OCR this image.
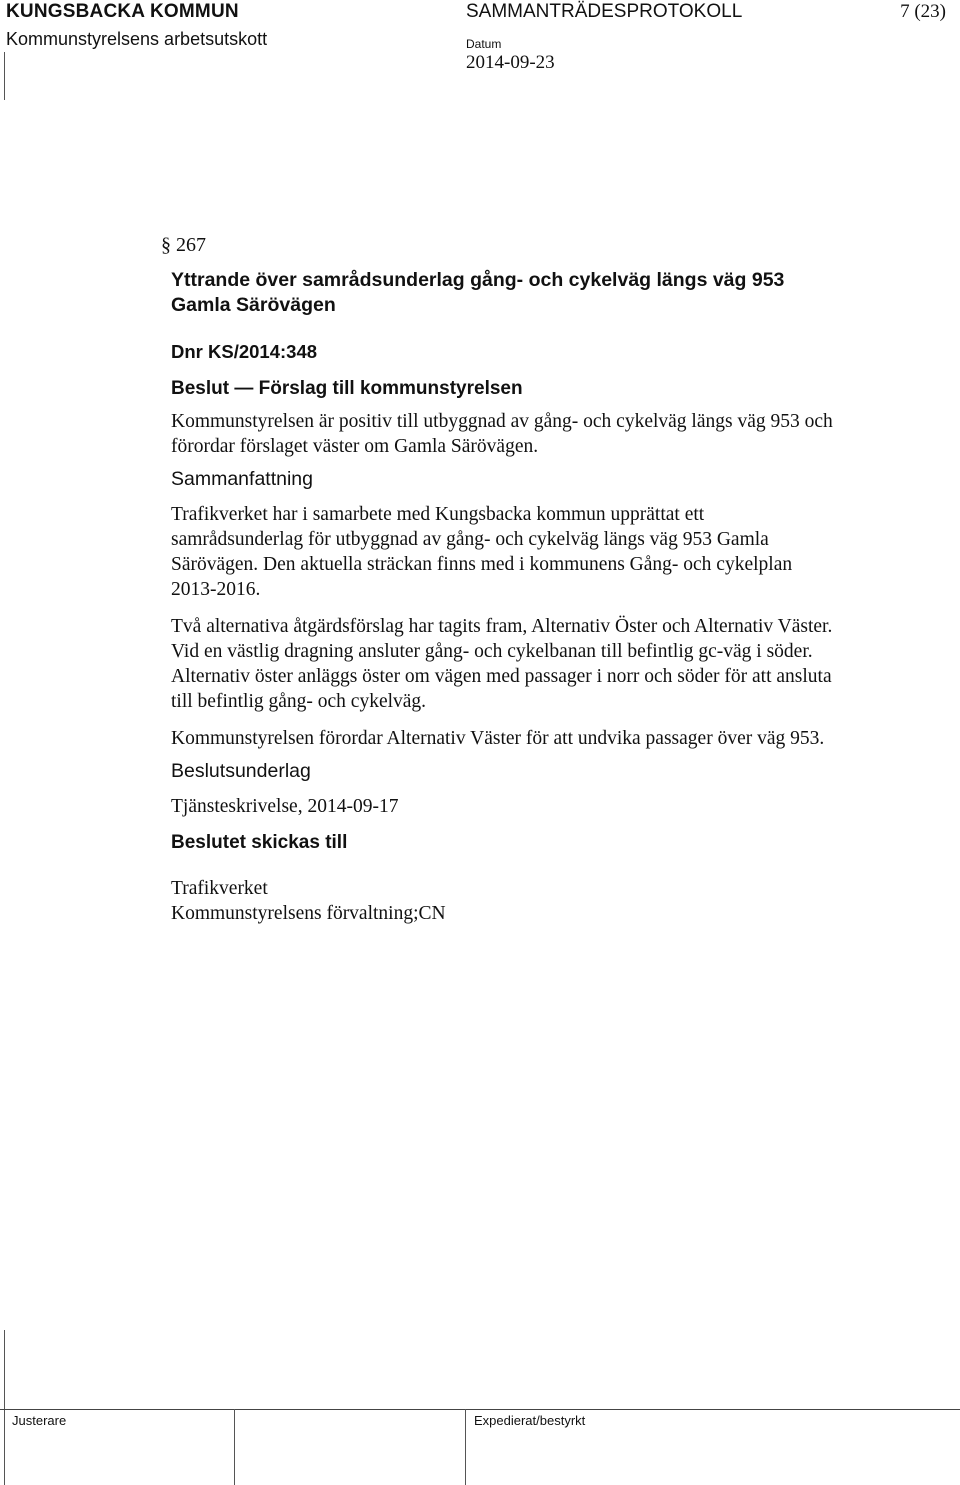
KUNGSBACKA KOMMUN
Kommunstyrelsens arbetsutskott
SAMMANTRÄDESPROTOKOLL	7 (23)
Datum
2014-09-23
§ 267
Yttrande över samrådsunderlag gång- och cykelväg längs väg 953
Gamla Särövägen
Dnr KS/2014:348
Beslut — Förslag till kommunstyrelsen
Kommunstyrelsen är positiv till utbyggnad av gång- och cykelväg längs väg 953 och
förordar förslaget väster om Gamla Särövägen.
Sammanfattning
Trafikverket har i samarbete med Kungsbacka kommun upprättat ett
samrådsunderlag för utbyggnad av gång- och cykelväg längs väg 953 Gamla
Särövägen. Den aktuella sträckan finns med i kommunens Gång- och cykelplan
2013-2016.
Två alternativa åtgärdsförslag har tagits fram, Alternativ Öster och Alternativ Väster.
Vid en västlig dragning ansluter gång- och cykelbanan till befintlig gc-väg i söder.
Alternativ öster anläggs öster om vägen med passager i norr och söder för att ansluta
till befintlig gång- och cykelväg.
Kommunstyrelsen förordar Alternativ Väster för att undvika passager över väg 953.
Beslutsunderlag
Tjänsteskrivelse, 2014-09-17
Beslutet skickas till
Trafikverket
Kommunstyrelsens förvaltning;CN
Justerare	Expedierat/bestyrkt
